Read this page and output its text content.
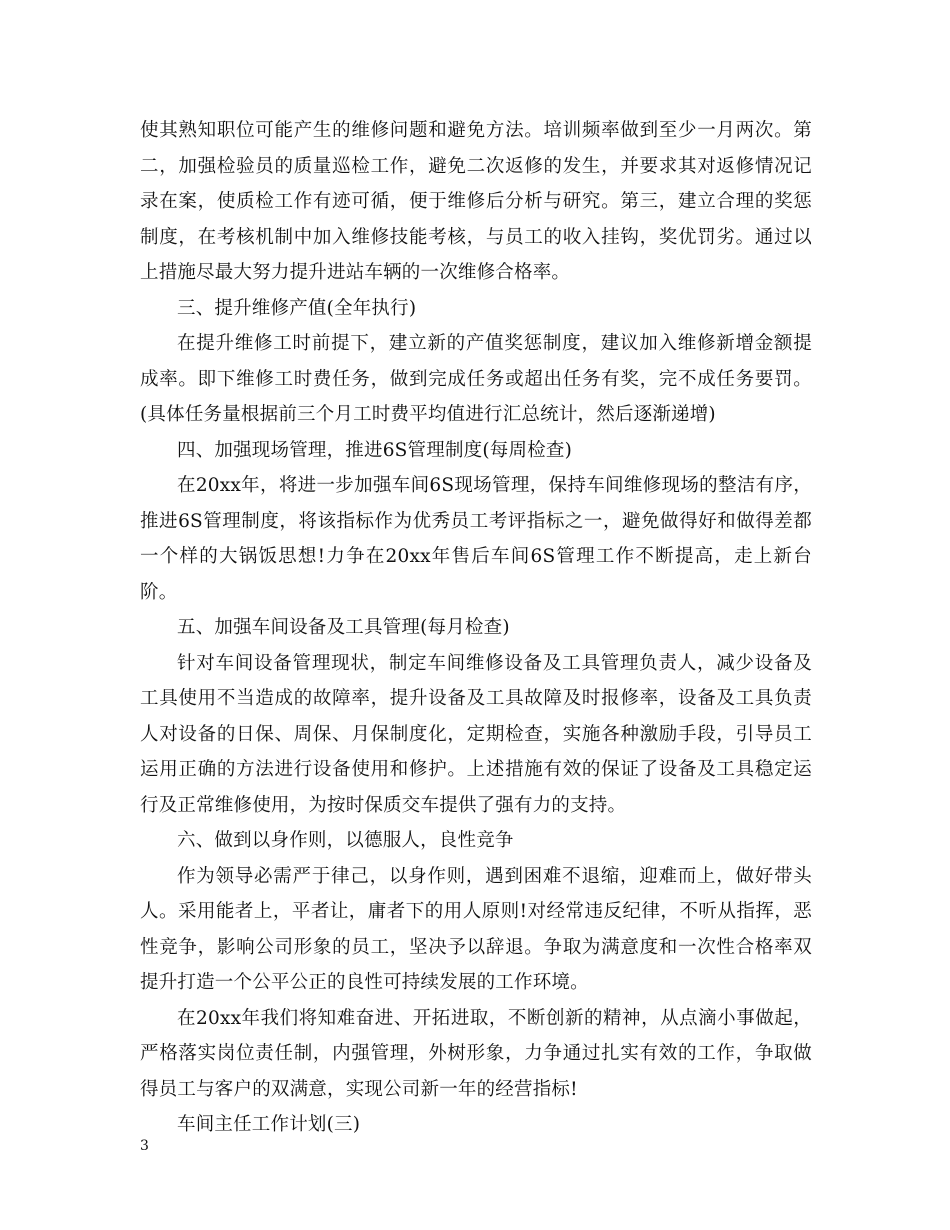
使其熟知职位可能产生的维修问题和避免方法。培训频率做到至少一月两次。第二，加强检验员的质量巡检工作，避免二次返修的发生，并要求其对返修情况记录在案，使质检工作有迹可循，便于维修后分析与研究。第三，建立合理的奖惩制度，在考核机制中加入维修技能考核，与员工的收入挂钩，奖优罚劣。通过以上措施尽最大努力提升进站车辆的一次维修合格率。

三、提升维修产值(全年执行)

在提升维修工时前提下，建立新的产值奖惩制度，建议加入维修新增金额提成率。即下维修工时费任务，做到完成任务或超出任务有奖，完不成任务要罚。(具体任务量根据前三个月工时费平均值进行汇总统计，然后逐渐递增)

四、加强现场管理，推进6S管理制度(每周检查)

在20xx年，将进一步加强车间6S现场管理，保持车间维修现场的整洁有序，推进6S管理制度，将该指标作为优秀员工考评指标之一，避免做得好和做得差都一个样的大锅饭思想!力争在20xx年售后车间6S管理工作不断提高，走上新台阶。

五、加强车间设备及工具管理(每月检查)

针对车间设备管理现状，制定车间维修设备及工具管理负责人，减少设备及工具使用不当造成的故障率，提升设备及工具故障及时报修率，设备及工具负责人对设备的日保、周保、月保制度化，定期检查，实施各种激励手段，引导员工运用正确的方法进行设备使用和修护。上述措施有效的保证了设备及工具稳定运行及正常维修使用，为按时保质交车提供了强有力的支持。

六、做到以身作则，以德服人，良性竞争

作为领导必需严于律己，以身作则，遇到困难不退缩，迎难而上，做好带头人。采用能者上，平者让，庸者下的用人原则!对经常违反纪律，不听从指挥，恶性竞争，影响公司形象的员工，坚决予以辞退。争取为满意度和一次性合格率双提升打造一个公平公正的良性可持续发展的工作环境。

在20xx年我们将知难奋进、开拓进取，不断创新的精神，从点滴小事做起，严格落实岗位责任制，内强管理，外树形象，力争通过扎实有效的工作，争取做得员工与客户的双满意，实现公司新一年的经营指标!

车间主任工作计划(三)

3
